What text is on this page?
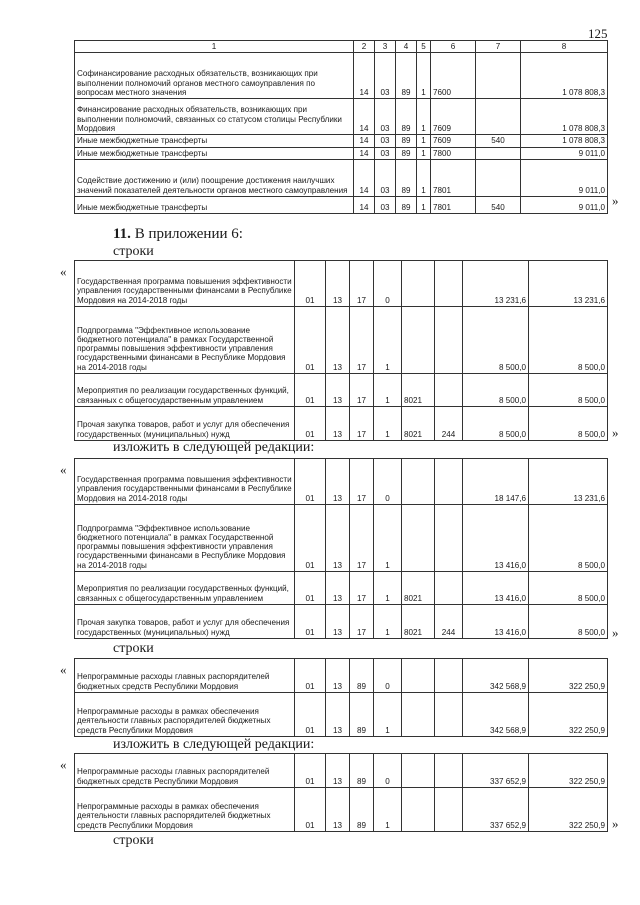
125
1	2	3	4	5	6	7	8
Софинансирование расходных обязательств, возникающих при выполнении полномочий органов местного самоуправления по вопросам местного значения	14	03	89	1	7600		1 078 808,3
Финансирование расходных обязательств, возникающих при выполнении полномочий, связанных со статусом столицы Республики Мордовия	14	03	89	1	7609		1 078 808,3
Иные межбюджетные трансферты	14	03	89	1	7609	540	1 078 808,3
Иные межбюджетные трансферты	14	03	89	1	7800		9 011,0
Содействие достижению и (или) поощрение достижения наилучших значений показателей деятельности органов местного самоуправления	14	03	89	1	7801		9 011,0
Иные межбюджетные трансферты	14	03	89	1	7801	540	9 011,0 »
11. В приложении 6:
строки
«
Государственная программа повышения эффективности управления государственными финансами в Республике Мордовия на 2014-2018 годы	01	13	17	0			13 231,6	13 231,6
Подпрограмма "Эффективное использование бюджетного потенциала" в рамках Государственной программы повышения эффективности управления государственными финансами в Республике Мордовия на 2014-2018 годы	01	13	17	1			8 500,0	8 500,0
Мероприятия по реализации государственных функций, связанных с общегосударственным управлением	01	13	17	1	8021		8 500,0	8 500,0
Прочая закупка товаров, работ и услуг для обеспечения государственных (муниципальных) нужд	01	13	17	1	8021	244	8 500,0	8 500,0 »
изложить в следующей редакции:
«
Государственная программа повышения эффективности управления государственными финансами в Республике Мордовия на 2014-2018 годы	01	13	17	0			18 147,6	13 231,6
Подпрограмма "Эффективное использование бюджетного потенциала" в рамках Государственной программы повышения эффективности управления государственными финансами в Республике Мордовия на 2014-2018 годы	01	13	17	1			13 416,0	8 500,0
Мероприятия по реализации государственных функций, связанных с общегосударственным управлением	01	13	17	1	8021		13 416,0	8 500,0
Прочая закупка товаров, работ и услуг для обеспечения государственных (муниципальных) нужд	01	13	17	1	8021	244	13 416,0	8 500,0 »
строки
« Непрограммные расходы главных распорядителей бюджетных средств Республики Мордовия	01	13	89	0			342 568,9	322 250,9
Непрограммные расходы в рамках обеспечения деятельности главных распорядителей бюджетных средств Республики Мордовия	01	13	89	1			342 568,9	322 250,9
изложить в следующей редакции:
« Непрограммные расходы главных распорядителей бюджетных средств Республики Мордовия	01	13	89	0			337 652,9	322 250,9
Непрограммные расходы в рамках обеспечения деятельности главных распорядителей бюджетных средств Республики Мордовия	01	13	89	1			337 652,9	322 250,9 »
строки
